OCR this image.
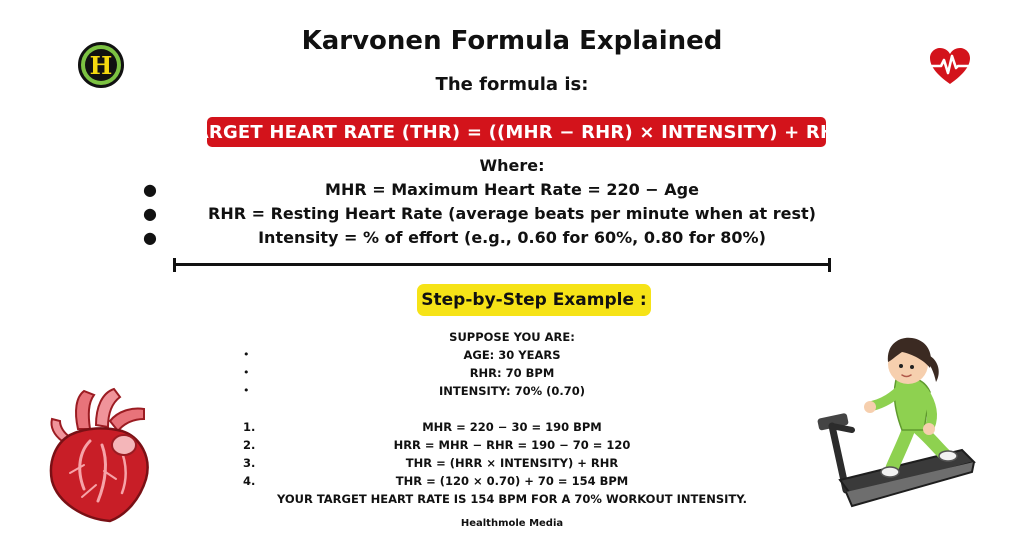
H
Karvonen Formula Explained
The formula is:
TARGET HEART RATE (THR) = ((MHR − RHR) × INTENSITY) + RHR
Where:
●	MHR = Maximum Heart Rate = 220 − Age
●	RHR = Resting Heart Rate (average beats per minute when at rest)
●	Intensity = % of effort (e.g., 0.60 for 60%, 0.80 for 80%)
Step-by-Step Example :
SUPPOSE YOU ARE:
•	AGE: 30 YEARS
•	RHR: 70 BPM
•	INTENSITY: 70% (0.70)
1.	MHR = 220 − 30 = 190 BPM
2.	HRR = MHR − RHR = 190 − 70 = 120
3.	THR = (HRR × INTENSITY) + RHR
4.	THR = (120 × 0.70) + 70 = 154 BPM
YOUR TARGET HEART RATE IS 154 BPM FOR A 70% WORKOUT INTENSITY.
Healthmole Media
